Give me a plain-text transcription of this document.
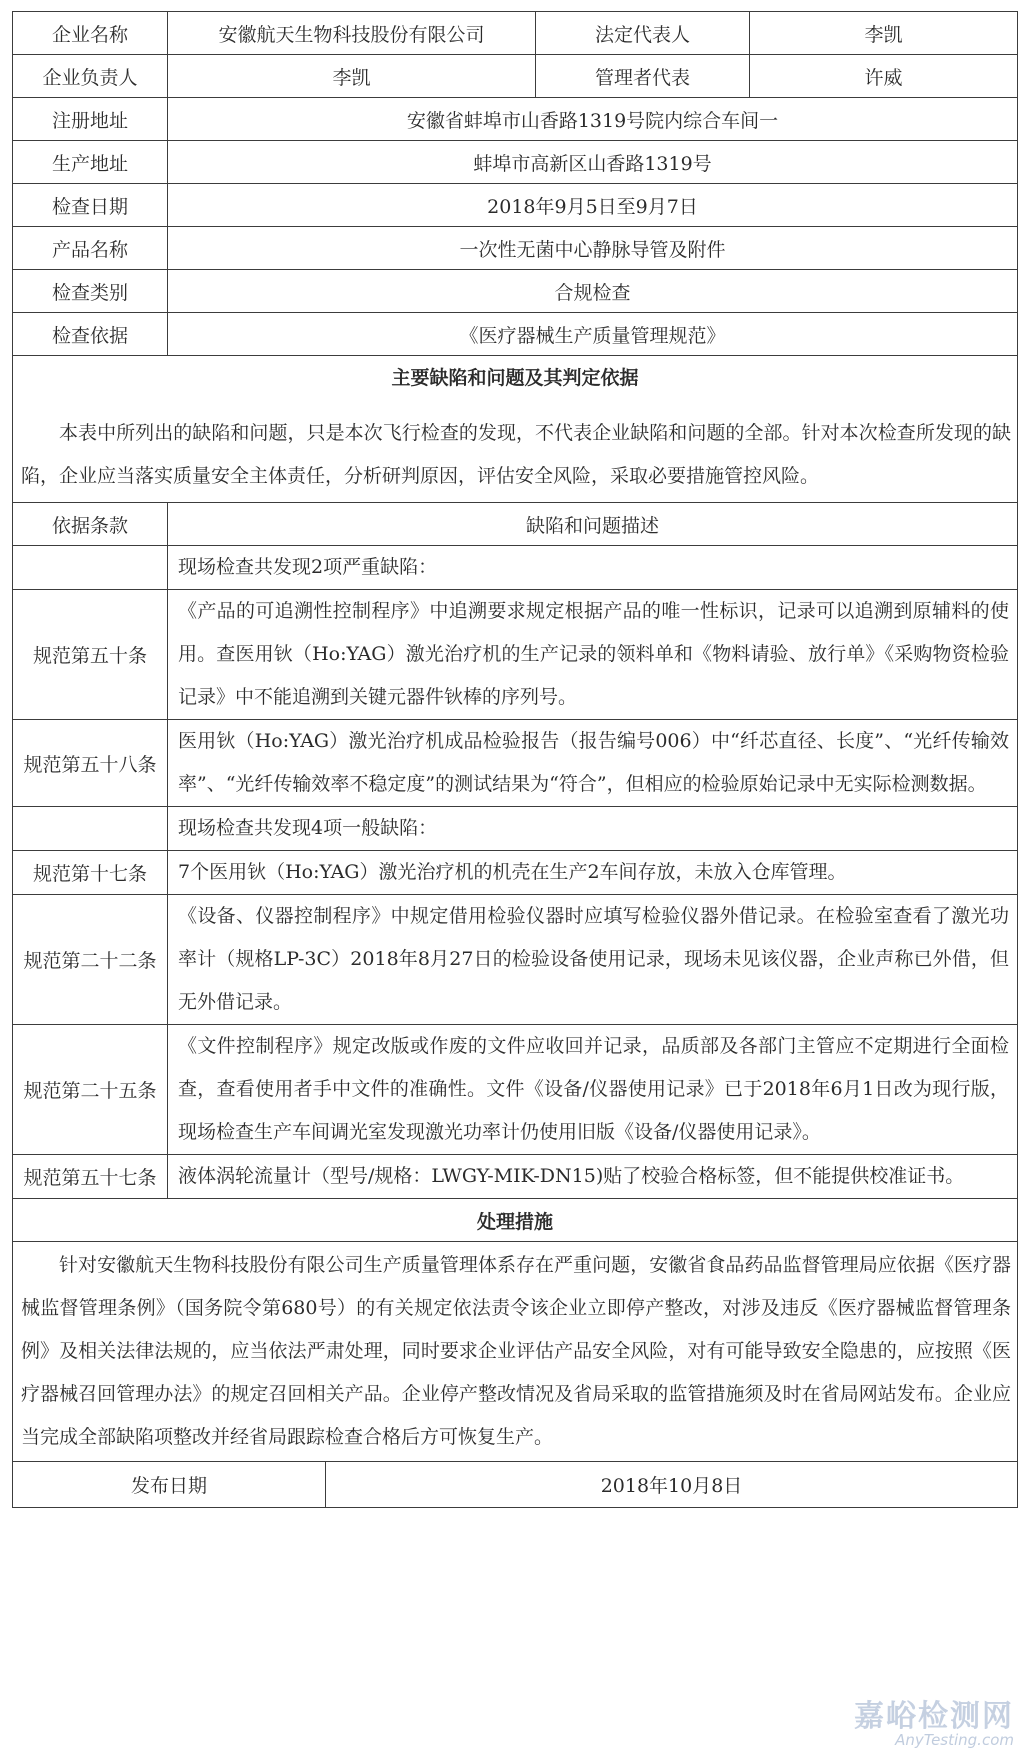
企业名称	安徽航天生物科技股份有限公司		法定代表人	李凯
企业负责人	李凯		管理者代表	许威
注册地址	安徽省蚌埠市山香路1319号院内综合车间一			
生产地址	蚌埠市高新区山香路1319号			
检查日期	2018年9月5日至9月7日			
产品名称	一次性无菌中心静脉导管及附件			
检查类别	合规检查			
检查依据	《医疗器械生产质量管理规范》			

主要缺陷和问题及其判定依据
本表中所列出的缺陷和问题，只是本次飞行检查的发现，不代表企业缺陷和问题的全部。针对本次检查所发现的缺陷，企业应当落实质量安全主体责任，分析研判原因，评估安全风险，采取必要措施管控风险。				

依据条款	缺陷和问题描述			
	现场检查共发现2项严重缺陷：			
规范第五十条	《产品的可追溯性控制程序》中追溯要求规定根据产品的唯一性标识，记录可以追溯到原辅料的使用。查医用钬（Ho:YAG）激光治疗机的生产记录的领料单和《物料请验、放行单》《采购物资检验记录》中不能追溯到关键元器件钬棒的序列号。			
规范第五十八条	医用钬（Ho:YAG）激光治疗机成品检验报告（报告编号006）中“纤芯直径、长度”、“光纤传输效率”、“光纤传输效率不稳定度”的测试结果为“符合”，但相应的检验原始记录中无实际检测数据。			
	现场检查共发现4项一般缺陷：			
规范第十七条	7个医用钬（Ho:YAG）激光治疗机的机壳在生产2车间存放，未放入仓库管理。			
规范第二十二条	《设备、仪器控制程序》中规定借用检验仪器时应填写检验仪器外借记录。在检验室查看了激光功率计（规格LP-3C）2018年8月27日的检验设备使用记录，现场未见该仪器，企业声称已外借，但无外借记录。			
规范第二十五条	《文件控制程序》规定改版或作废的文件应收回并记录，品质部及各部门主管应不定期进行全面检查，查看使用者手中文件的准确性。文件《设备/仪器使用记录》已于2018年6月1日改为现行版，现场检查生产车间调光室发现激光功率计仍使用旧版《设备/仪器使用记录》。			
规范第五十七条	液体涡轮流量计（型号/规格：LWGY-MIK-DN15)贴了校验合格标签，但不能提供校准证书。			
处理措施				
针对安徽航天生物科技股份有限公司生产质量管理体系存在严重问题，安徽省食品药品监督管理局应依据《医疗器械监督管理条例》（国务院令第680号）的有关规定依法责令该企业立即停产整改，对涉及违反《医疗器械监督管理条例》及相关法律法规的，应当依法严肃处理，同时要求企业评估产品安全风险，对有可能导致安全隐患的，应按照《医疗器械召回管理办法》的规定召回相关产品。企业停产整改情况及省局采取的监管措施须及时在省局网站发布。企业应当完成全部缺陷项整改并经省局跟踪检查合格后方可恢复生产。				
发布日期		2018年10月8日		
嘉峪检测网
AnyTesting.com
